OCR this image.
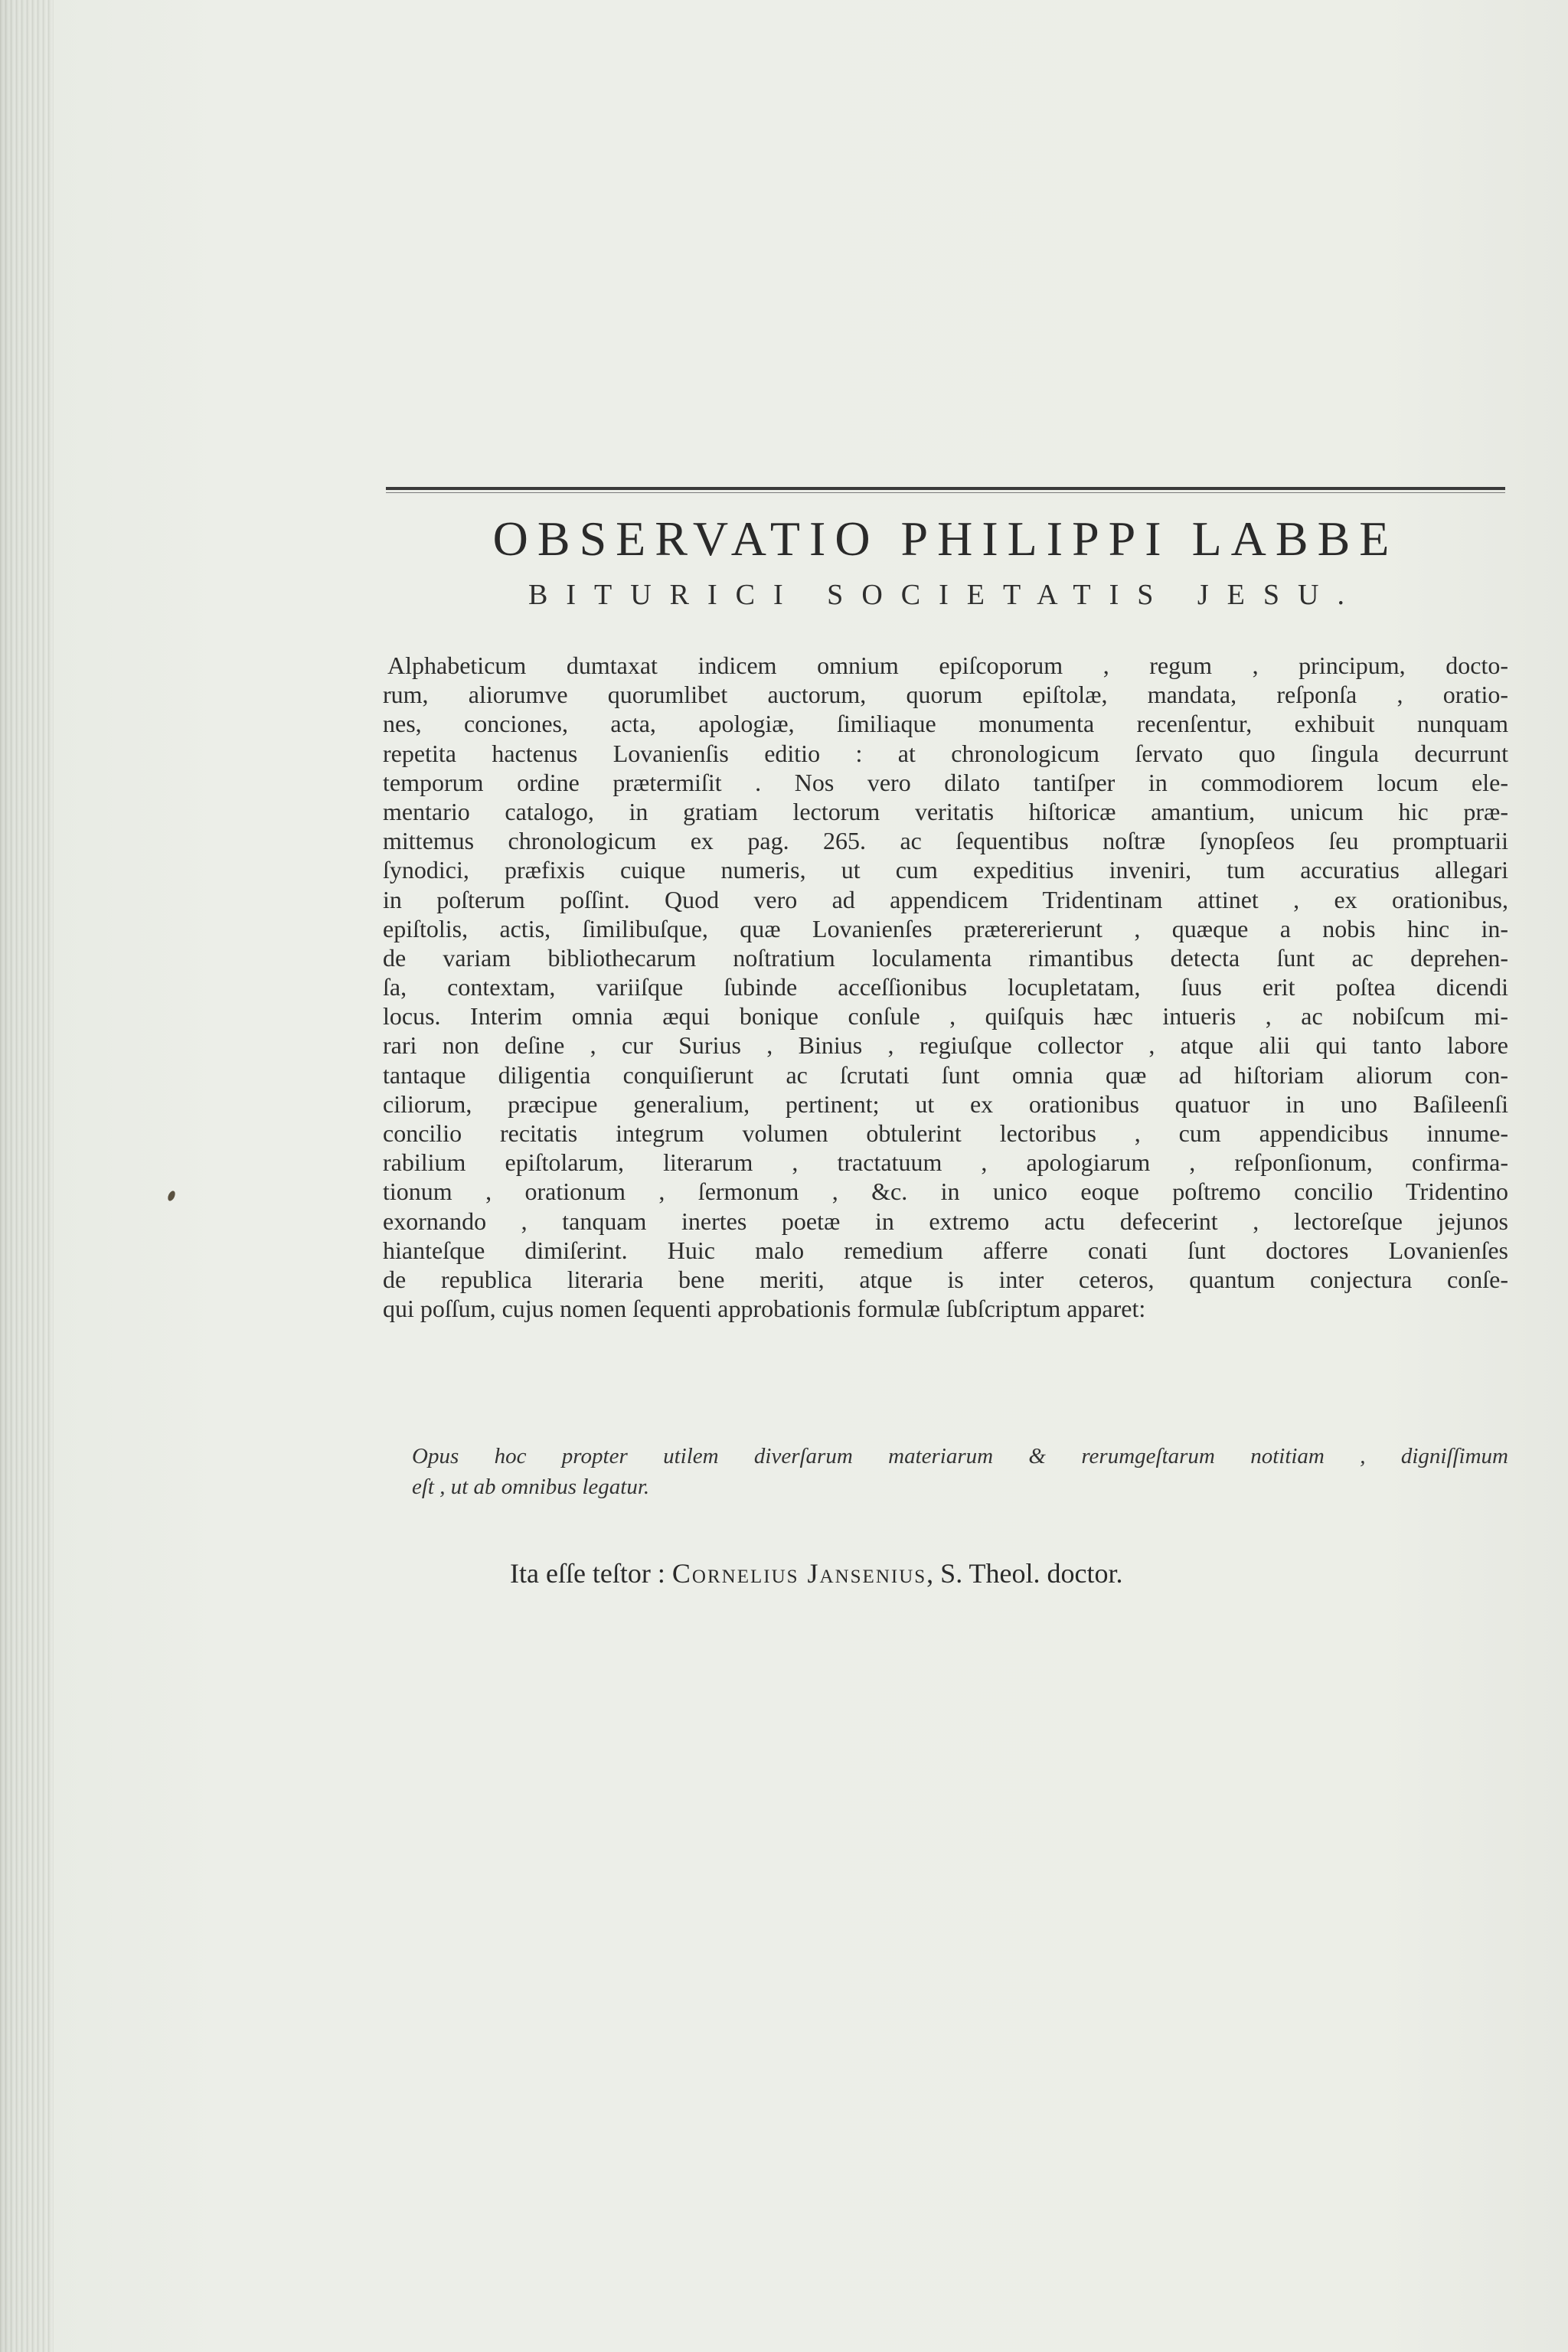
OBSERVATIO PHILIPPI LABBE
BITURICI SOCIETATIS JESU.
Alphabeticum dumtaxat indicem omnium epiſcoporum , regum , principum, docto-
rum, aliorumve quorumlibet auctorum, quorum epiſtolæ, mandata, reſponſa , oratio-
nes, conciones, acta, apologiæ, ſimiliaque monumenta recenſentur, exhibuit nunquam
repetita hactenus Lovanienſis editio : at chronologicum ſervato quo ſingula decurrunt
temporum ordine prætermiſit . Nos vero dilato tantiſper in commodiorem locum ele-
mentario catalogo, in gratiam lectorum veritatis hiſtoricæ amantium, unicum hic præ-
mittemus chronologicum ex pag. 265. ac ſequentibus noſtræ ſynopſeos ſeu promptuarii
ſynodici, præfixis cuique numeris, ut cum expeditius inveniri, tum accuratius allegari
in poſterum poſſint. Quod vero ad appendicem Tridentinam attinet , ex orationibus,
epiſtolis, actis, ſimilibuſque, quæ Lovanienſes prætererierunt , quæque a nobis hinc in-
de variam bibliothecarum noſtratium loculamenta rimantibus detecta ſunt ac deprehen-
ſa, contextam, variiſque ſubinde acceſſionibus locupletatam, ſuus erit poſtea dicendi
locus. Interim omnia æqui bonique conſule , quiſquis hæc intueris , ac nobiſcum mi-
rari non deſine , cur Surius , Binius , regiuſque collector , atque alii qui tanto labore
tantaque diligentia conquiſierunt ac ſcrutati ſunt omnia quæ ad hiſtoriam aliorum con-
ciliorum, præcipue generalium, pertinent; ut ex orationibus quatuor in uno Baſileenſi
concilio recitatis integrum volumen obtulerint lectoribus , cum appendicibus innume-
rabilium epiſtolarum, literarum , tractatuum , apologiarum , reſponſionum, confirma-
tionum , orationum , ſermonum , &c. in unico eoque poſtremo concilio Tridentino
exornando , tanquam inertes poetæ in extremo actu defecerint , lectoreſque jejunos
hianteſque dimiſerint. Huic malo remedium afferre conati ſunt doctores Lovanienſes
de republica literaria bene meriti, atque is inter ceteros, quantum conjectura conſe-
qui poſſum, cujus nomen ſequenti approbationis formulæ ſubſcriptum apparet:
Opus hoc propter utilem diverſarum materiarum & rerumgeſtarum notitiam , digniſſimum
eſt , ut ab omnibus legatur.
Ita eſſe teſtor : Cornelius Jansenius, S. Theol. doctor.
